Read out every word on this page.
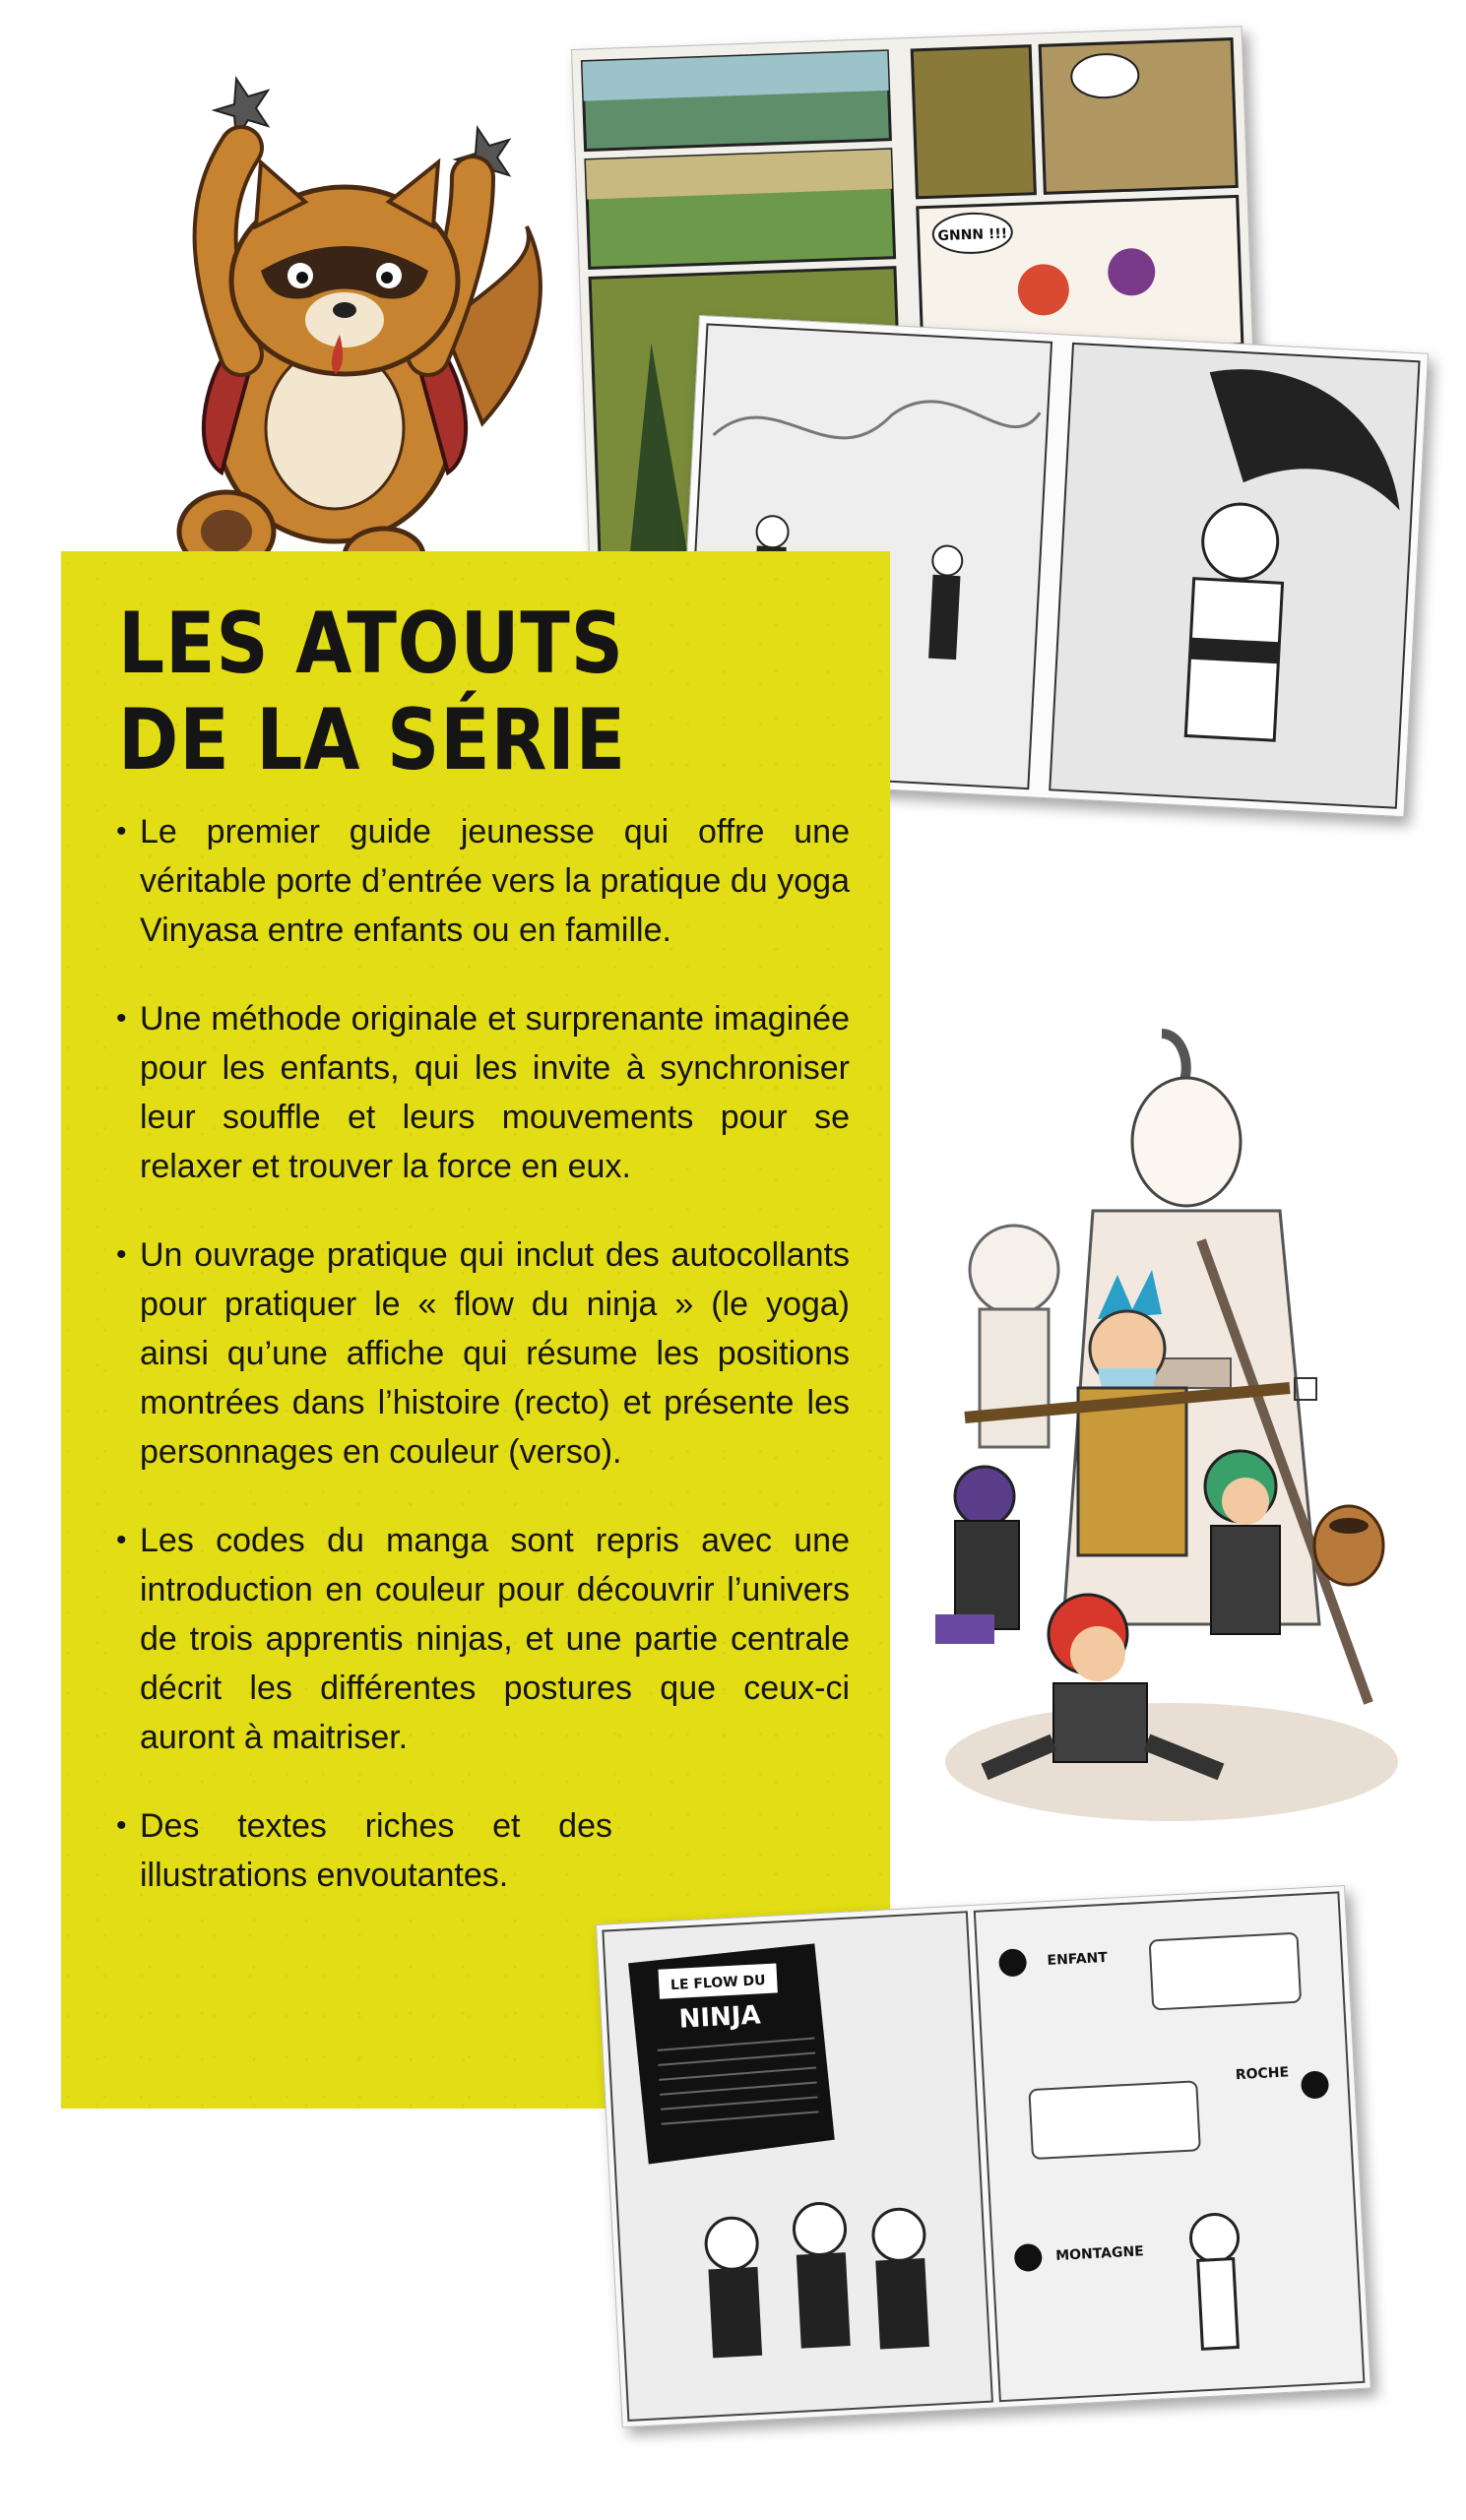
GNNN !!!
LES ATOUTS
DE LA SÉRIE
• Le premier guide jeunesse qui offre une véritable porte d’entrée vers la pratique du yoga Vinyasa entre enfants ou en famille.
• Une méthode originale et surprenante imaginée pour les enfants, qui les invite à synchroniser leur souffle et leurs mouvements pour se relaxer et trouver la force en eux.
• Un ouvrage pratique qui inclut des autocollants pour pratiquer le « flow du ninja » (le yoga) ainsi qu’une affiche qui résume les positions montrées dans l’histoire (recto) et présente les personnages en couleur (verso).
• Les codes du manga sont repris avec une introduction en couleur pour découvrir l’univers de trois apprentis ninjas, et une partie centrale décrit les différentes postures que ceux-ci auront à maitriser.
• Des textes riches et des illustrations envoutantes.
LE FLOW DU
NINJA
ENFANT
ROCHE
MONTAGNE
